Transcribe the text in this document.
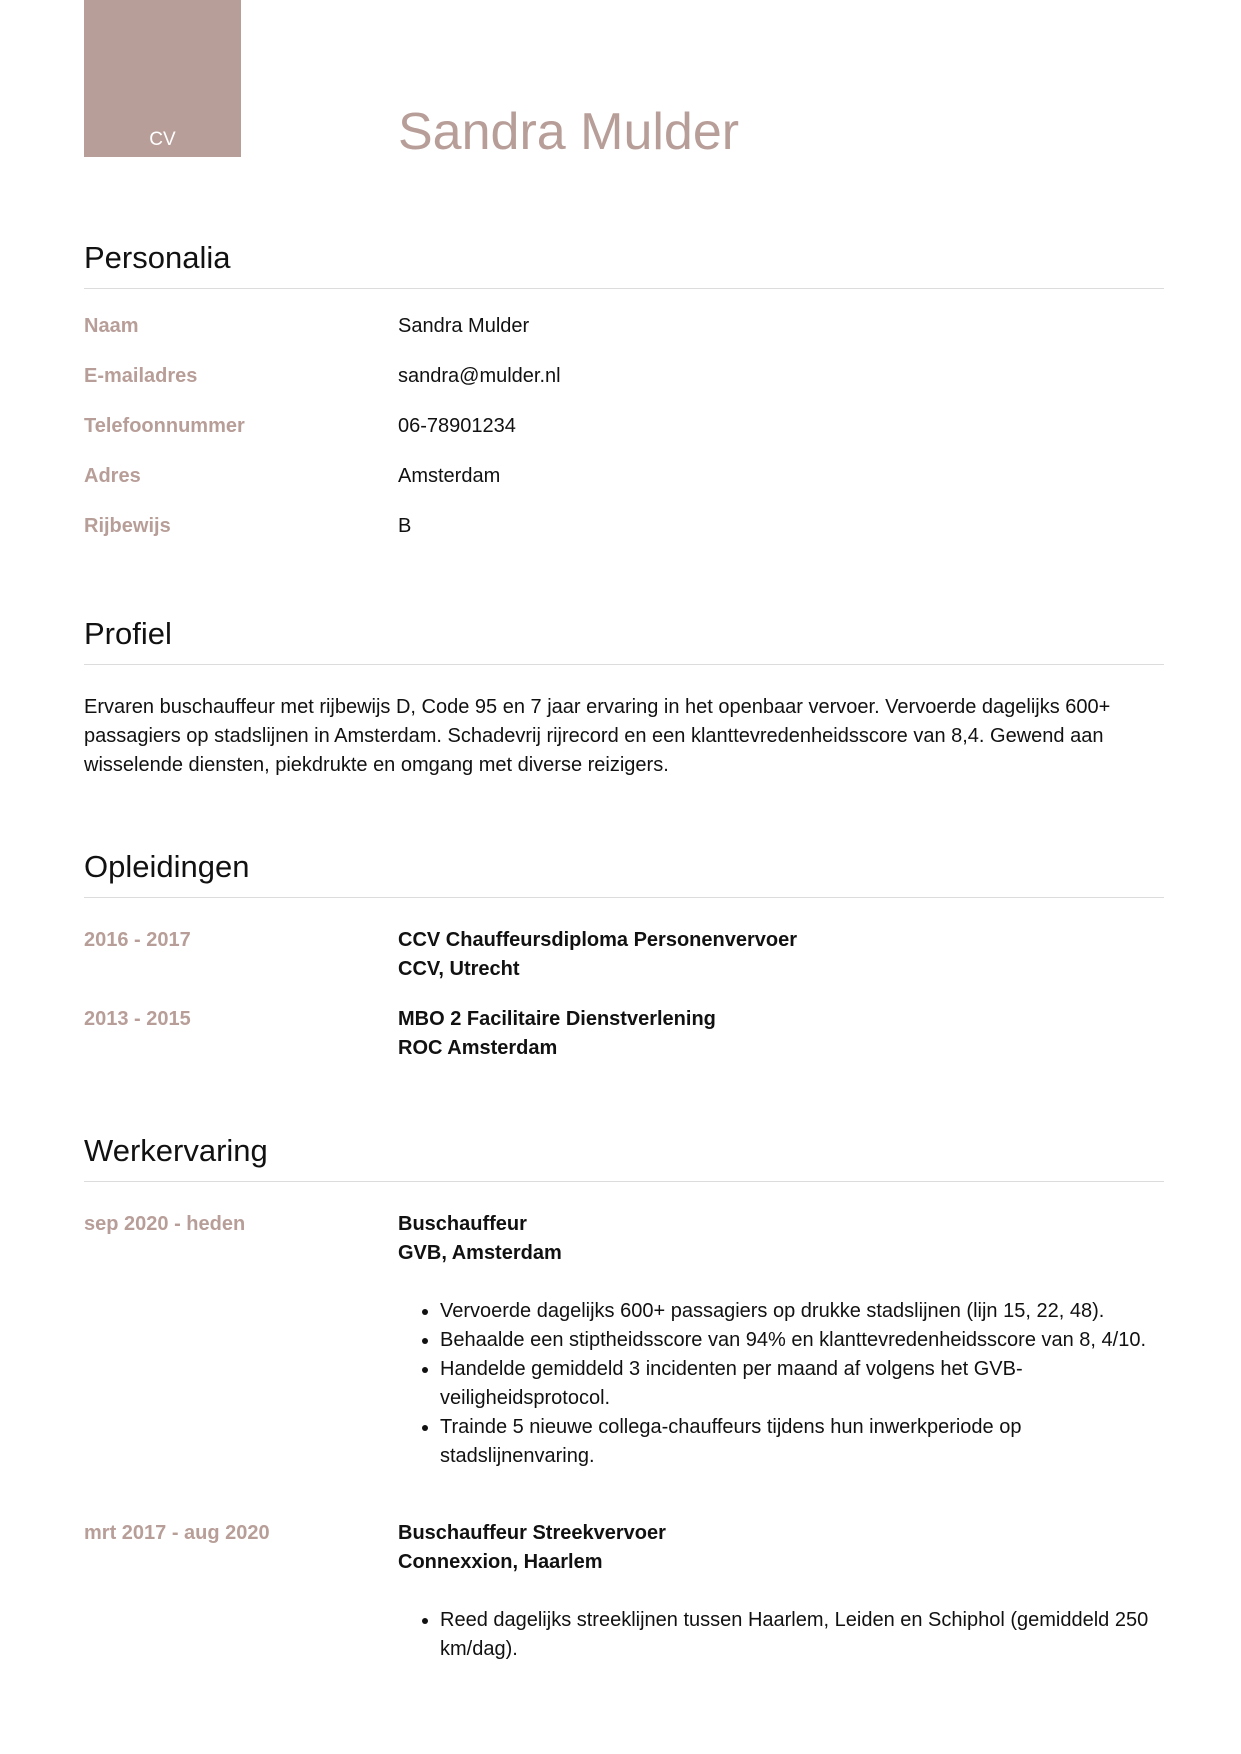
CV	Sandra Mulder
Personalia
Naam	Sandra Mulder
E-mailadres	sandra@mulder.nl
Telefoonnummer	06-78901234
Adres	Amsterdam
Rijbewijs	B
Profiel

Ervaren buschauffeur met rijbewijs D, Code 95 en 7 jaar ervaring in het openbaar vervoer. Vervoerde dagelijks 600+ passagiers op stadslijnen in Amsterdam. Schadevrij rijrecord en een klanttevredenheidsscore van 8,4. Gewend aan wisselende diensten, piekdrukte en omgang met diverse reizigers.

Opleidingen
2016 - 2017	CCV Chauffeursdiploma Personenvervoer
CCV, Utrecht
2013 - 2015	MBO 2 Facilitaire Dienstverlening
ROC Amsterdam
Werkervaring
sep 2020 - heden	Buschauffeur
GVB, Amsterdam
• Vervoerde dagelijks 600+ passagiers op drukke stadslijnen (lijn 15, 22, 48).
• Behaalde een stiptheidsscore van 94% en klanttevredenheidsscore van 8, 4/10.
• Handelde gemiddeld 3 incidenten per maand af volgens het GVB-veiligheidsprotocol.
• Trainde 5 nieuwe collega-chauffeurs tijdens hun inwerkperiode op stadslijnenvaring.
mrt 2017 - aug 2020	Buschauffeur Streekvervoer
Connexxion, Haarlem
• Reed dagelijks streeklijnen tussen Haarlem, Leiden en Schiphol (gemiddeld 250 km/dag).
